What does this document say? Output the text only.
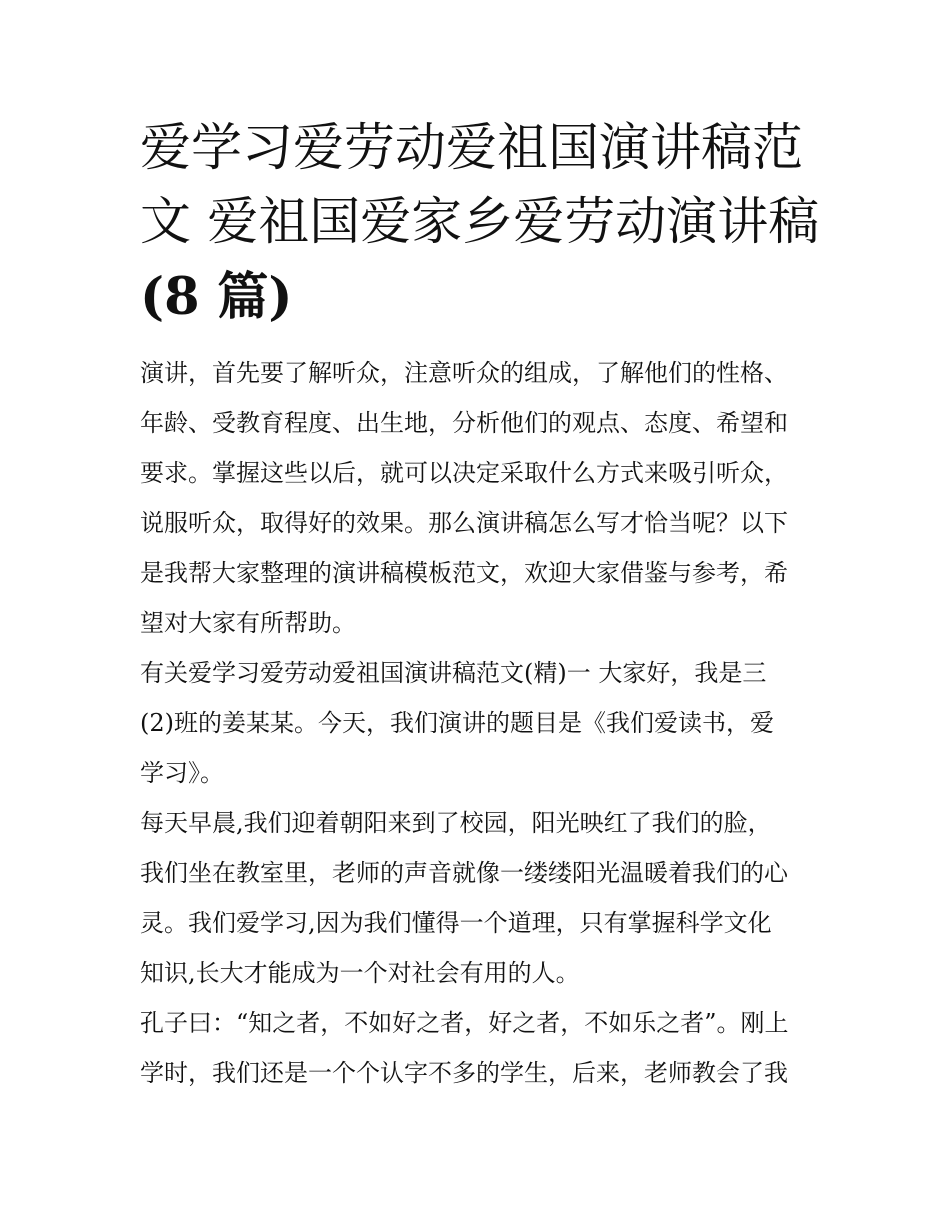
爱学习爱劳动爱祖国演讲稿范
文 爱祖国爱家乡爱劳动演讲稿
(8 篇)

演讲，首先要了解听众，注意听众的组成，了解他们的性格、
年龄、受教育程度、出生地，分析他们的观点、态度、希望和
要求。掌握这些以后，就可以决定采取什么方式来吸引听众，
说服听众，取得好的效果。那么演讲稿怎么写才恰当呢？以下
是我帮大家整理的演讲稿模板范文，欢迎大家借鉴与参考，希
望对大家有所帮助。

有关爱学习爱劳动爱祖国演讲稿范文(精)一 大家好，我是三
(2)班的姜某某。今天，我们演讲的题目是《我们爱读书，爱
学习》。

每天早晨,我们迎着朝阳来到了校园，阳光映红了我们的脸，
我们坐在教室里，老师的声音就像一缕缕阳光温暖着我们的心
灵。我们爱学习,因为我们懂得一个道理，只有掌握科学文化
知识,长大才能成为一个对社会有用的人。

孔子曰：“知之者，不如好之者，好之者，不如乐之者”。刚上
学时，我们还是一个个认字不多的学生，后来，老师教会了我
